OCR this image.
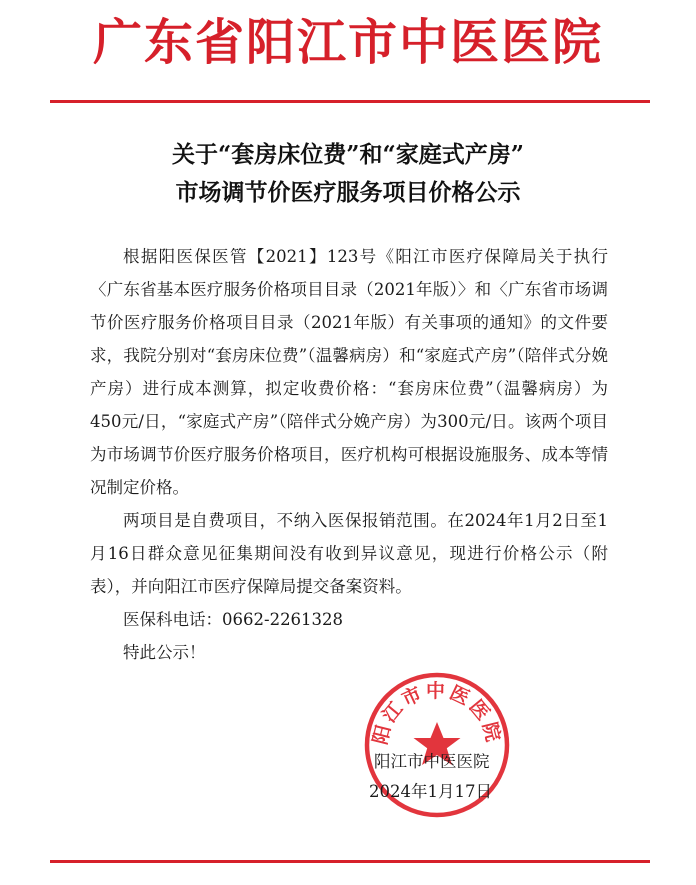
广东省阳江市中医医院
关于“套房床位费”和“家庭式产房”
市场调节价医疗服务项目价格公示

根据阳医保医管【2021】123号《阳江市医疗保障局关于执行〈广东省基本医疗服务价格项目目录（2021年版）〉和〈广东省市场调节价医疗服务价格项目目录（2021年版）有关事项的通知》的文件要求，我院分别对“套房床位费”（温馨病房）和“家庭式产房”（陪伴式分娩产房）进行成本测算，拟定收费价格：“套房床位费”（温馨病房）为450元/日，“家庭式产房”（陪伴式分娩产房）为300元/日。该两个项目为市场调节价医疗服务价格项目，医疗机构可根据设施服务、成本等情况制定价格。

两项目是自费项目，不纳入医保报销范围。在2024年1月2日至1月16日群众意见征集期间没有收到异议意见，现进行价格公示（附表），并向阳江市医疗保障局提交备案资料。

医保科电话：0662-2261328

特此公示！

阳江市中医医院
阳江市中医医院
2024年1月17日
